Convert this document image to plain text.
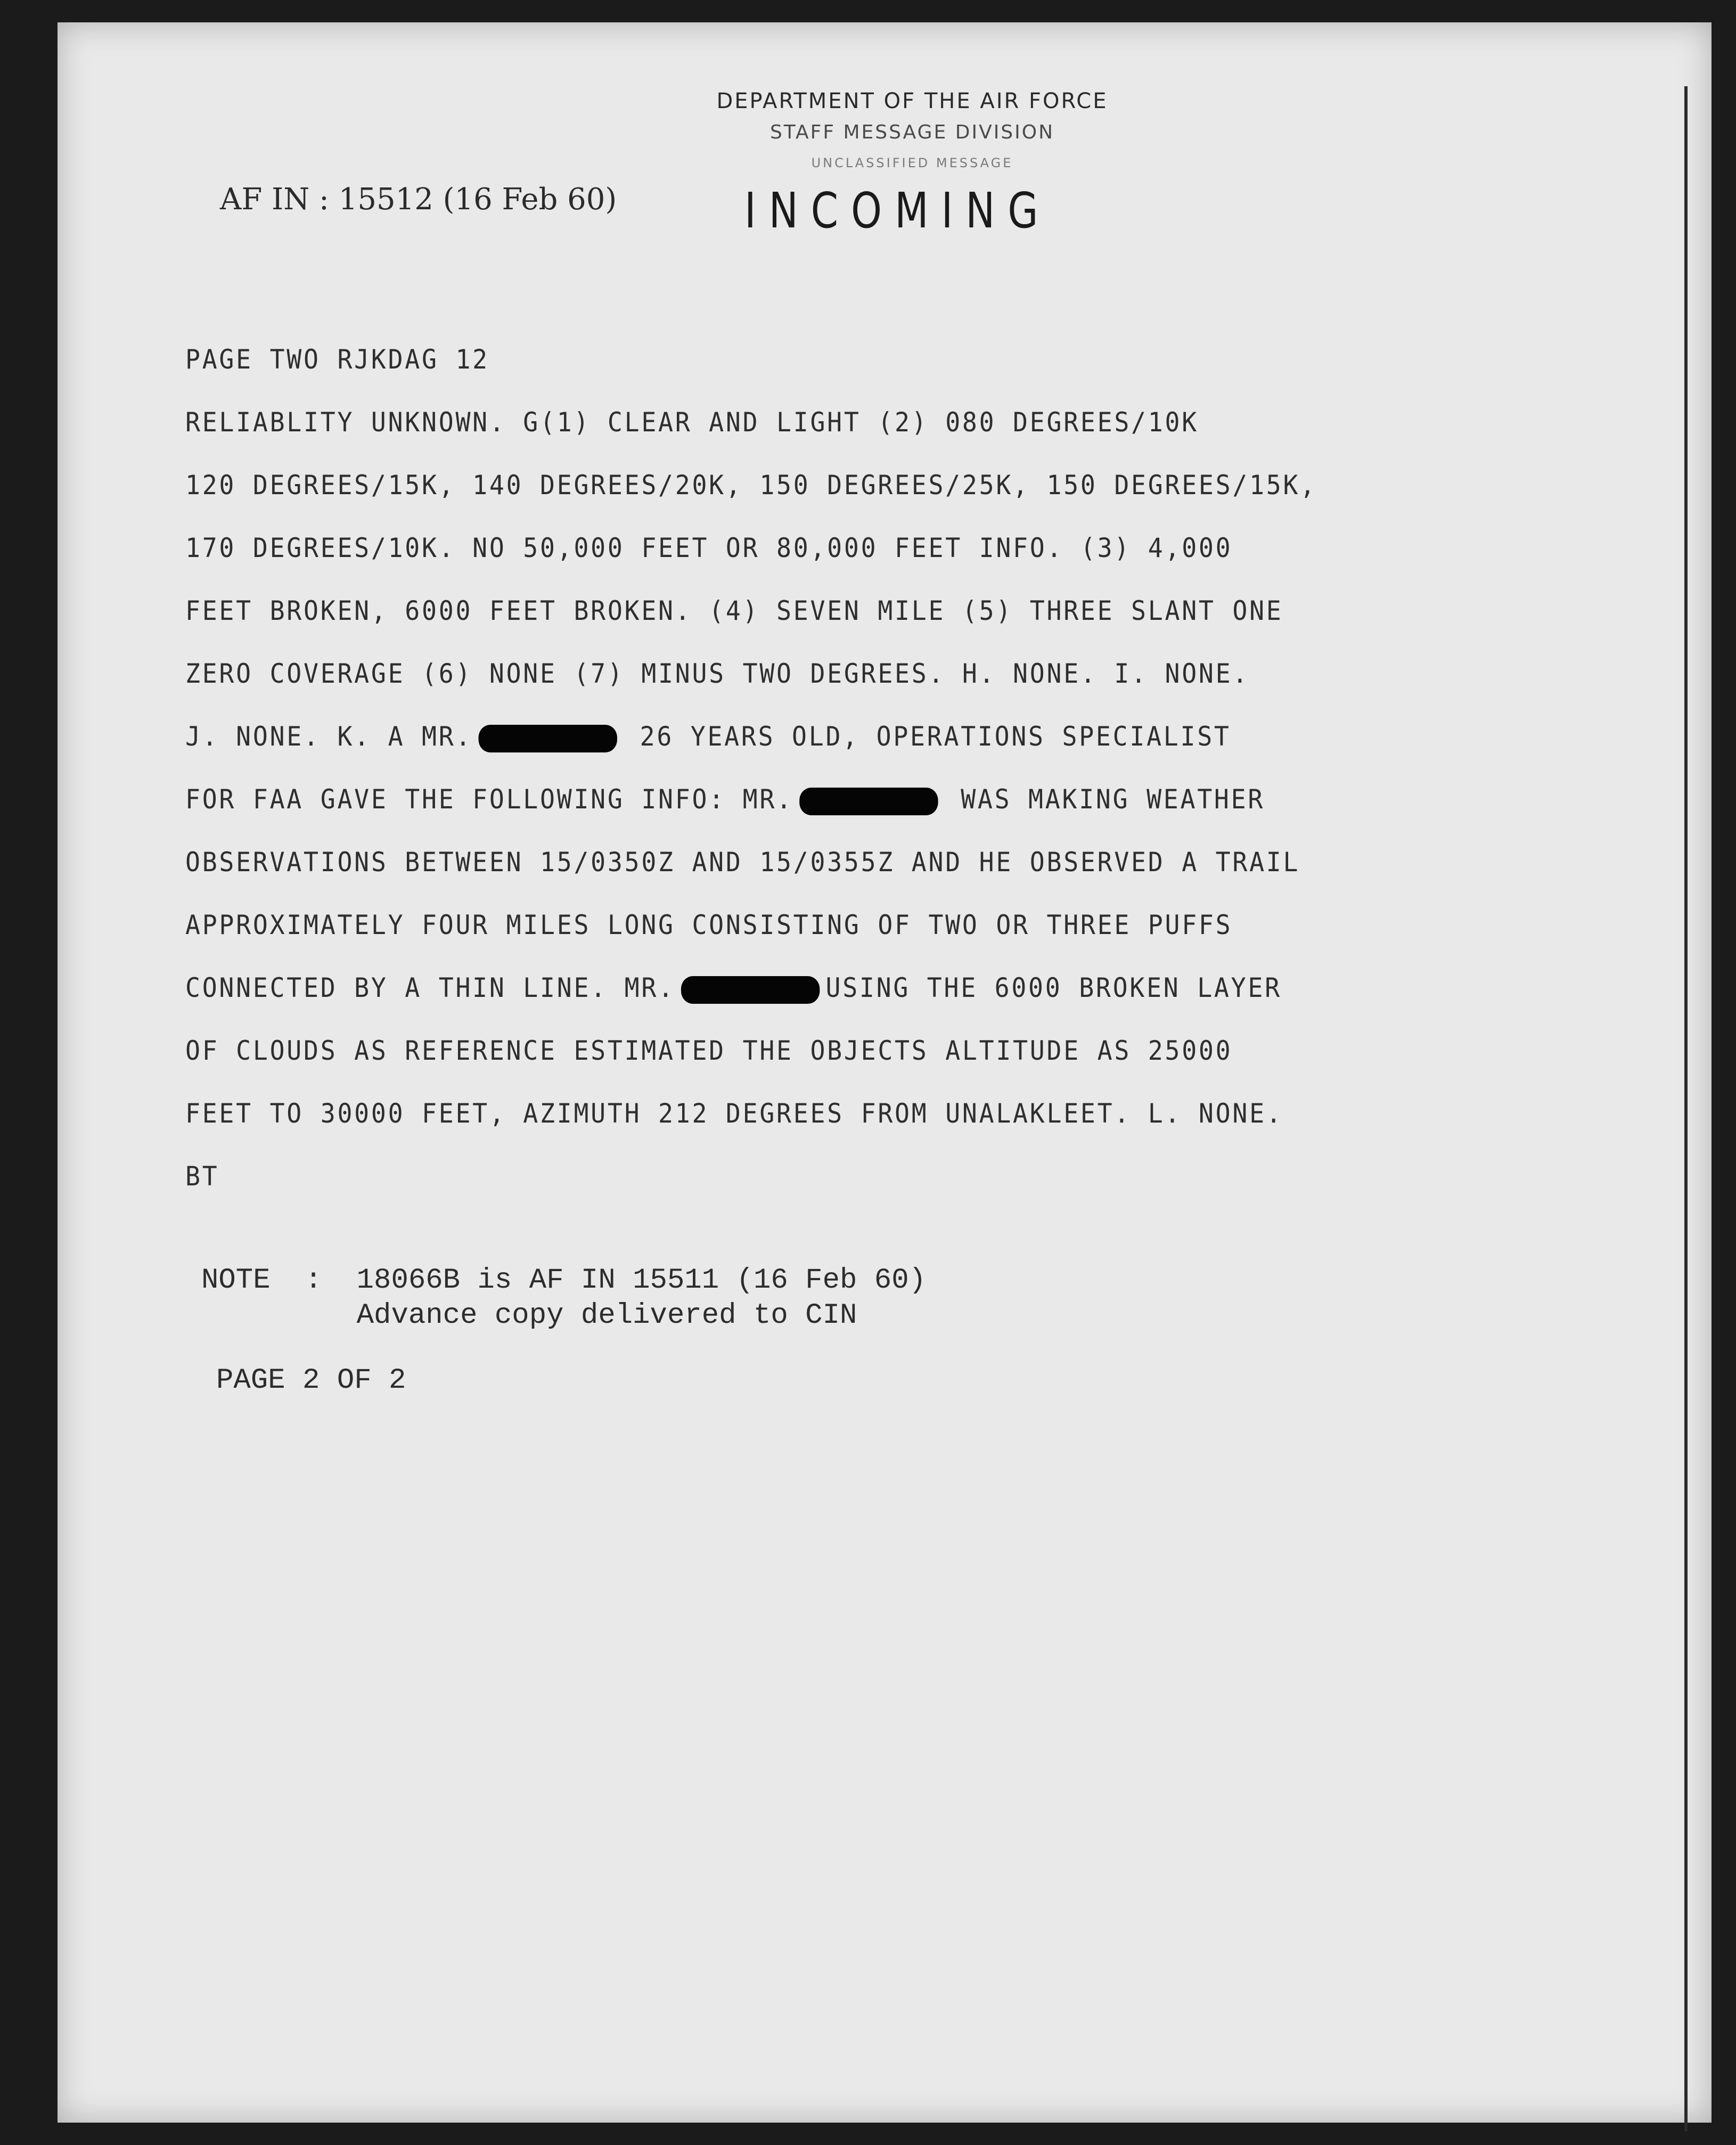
DEPARTMENT OF THE AIR FORCE
STAFF MESSAGE DIVISION
UNCLASSIFIED MESSAGE
AF IN : 15512 (16 Feb 60)	INCOMING
PAGE TWO RJKDAG 12
RELIABLITY UNKNOWN. G(1) CLEAR AND LIGHT (2) 080 DEGREES/10K
120 DEGREES/15K, 140 DEGREES/20K, 150 DEGREES/25K, 150 DEGREES/15K,
170 DEGREES/10K. NO 50,000 FEET OR 80,000 FEET INFO. (3) 4,000
FEET BROKEN, 6000 FEET BROKEN. (4) SEVEN MILE (5) THREE SLANT ONE
ZERO COVERAGE (6) NONE (7) MINUS TWO DEGREES. H. NONE. I. NONE.
J. NONE. K. A MR.	26 YEARS OLD, OPERATIONS SPECIALIST
FOR FAA GAVE THE FOLLOWING INFO: MR.	WAS MAKING WEATHER
OBSERVATIONS BETWEEN 15/0350Z AND 15/0355Z AND HE OBSERVED A TRAIL
APPROXIMATELY FOUR MILES LONG CONSISTING OF TWO OR THREE PUFFS
CONNECTED BY A THIN LINE. MR.	USING THE 6000 BROKEN LAYER
OF CLOUDS AS REFERENCE ESTIMATED THE OBJECTS ALTITUDE AS 25000
FEET TO 30000 FEET, AZIMUTH 212 DEGREES FROM UNALAKLEET. L. NONE.
BT
NOTE  :  18066B is AF IN 15511 (16 Feb 60)
Advance copy delivered to CIN
PAGE 2 OF 2
